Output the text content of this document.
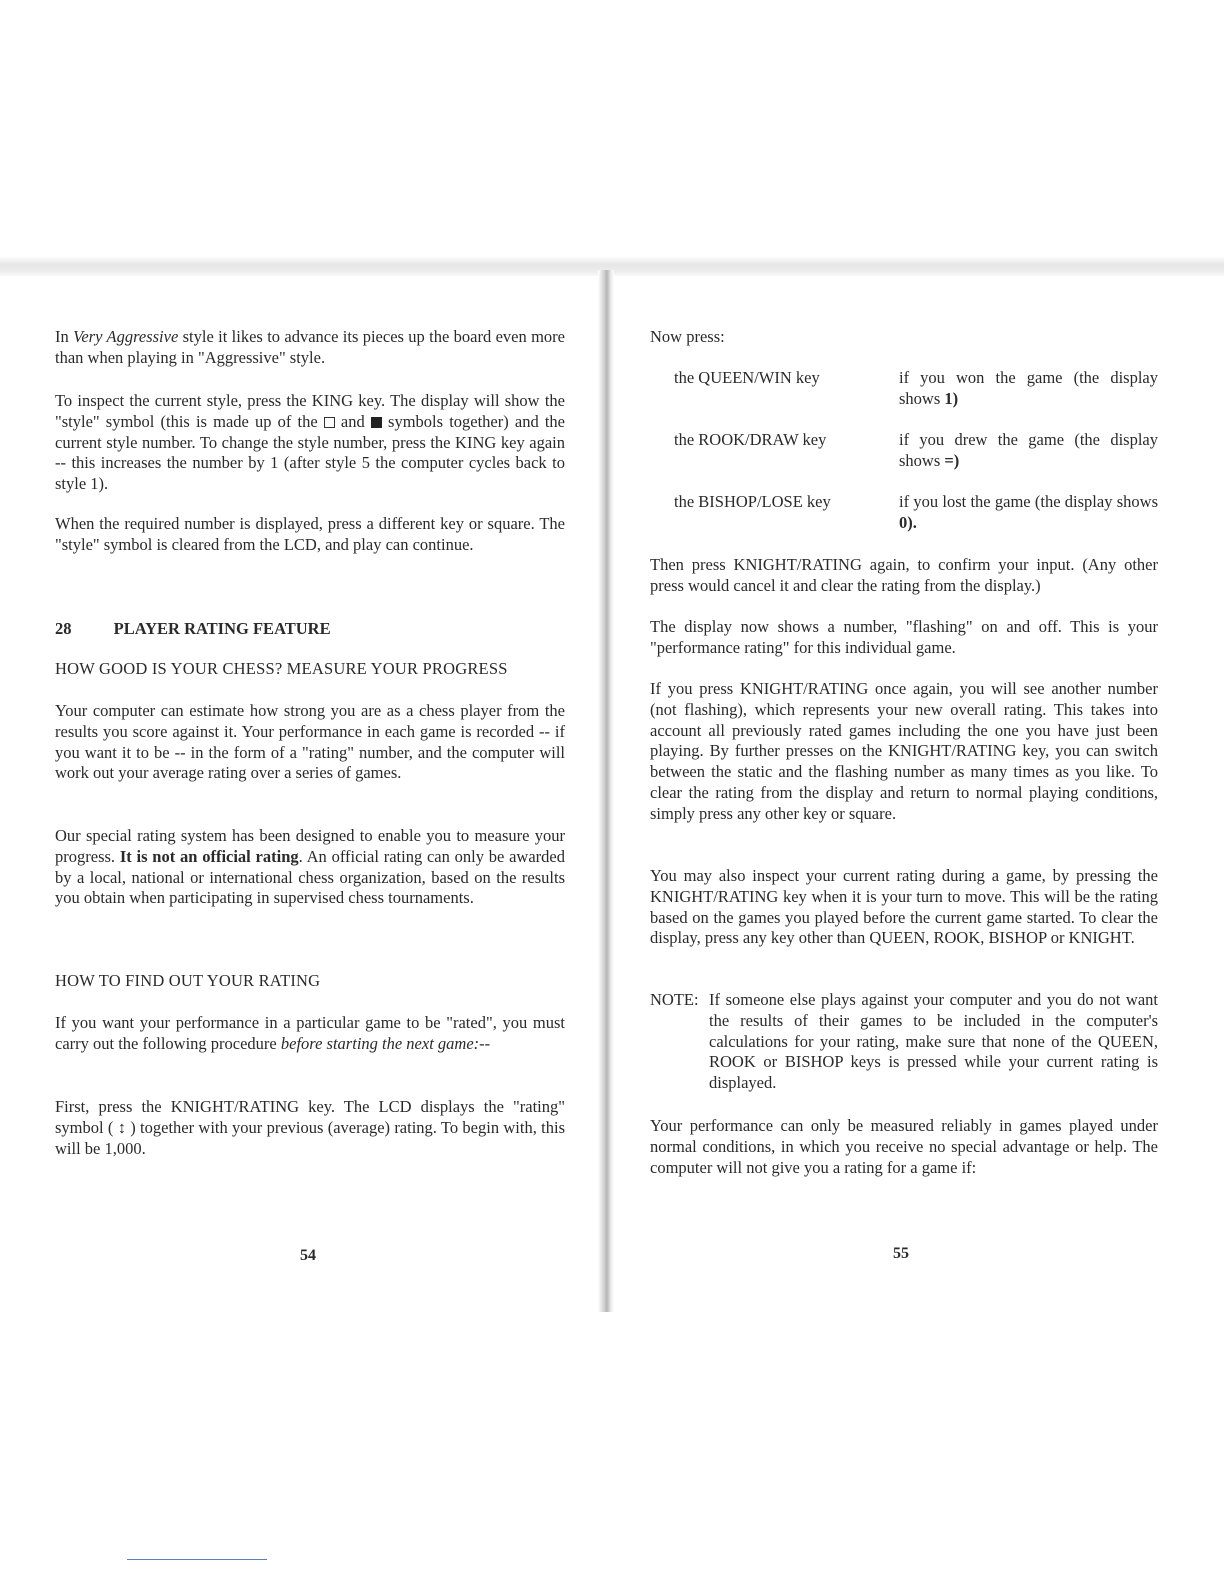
In Very Aggressive style it likes to advance its pieces up the board even more than when playing in "Aggressive" style.

To inspect the current style, press the KING key. The display will show the "style" symbol (this is made up of the  and  symbols together) and the current style number. To change the style number, press the KING key again -- this increases the number by 1 (after style 5 the computer cycles back to style 1).

When the required number is displayed, press a different key or square. The "style" symbol is cleared from the LCD, and play can continue.

28	PLAYER RATING FEATURE
HOW GOOD IS YOUR CHESS? MEASURE YOUR PROGRESS

Your computer can estimate how strong you are as a chess player from the results you score against it. Your performance in each game is recorded -- if you want it to be -- in the form of a "rating" number, and the computer will work out your average rating over a series of games.

Our special rating system has been designed to enable you to measure your progress. It is not an official rating. An official rating can only be awarded by a local, national or international chess organization, based on the results you obtain when participating in supervised chess tournaments.

HOW TO FIND OUT YOUR RATING

If you want your performance in a particular game to be "rated", you must carry out the following procedure before starting the next game:--

First, press the KNIGHT/RATING key. The LCD displays the "rating" symbol ( ↕ ) together with your previous (average) rating. To begin with, this will be 1,000.

54
Now press:
the QUEEN/WIN key	if you won the game (the display shows 1)
the ROOK/DRAW key	if you drew the game (the display shows =)
the BISHOP/LOSE key	if you lost the game (the display shows 0).

Then press KNIGHT/RATING again, to confirm your input. (Any other press would cancel it and clear the rating from the display.)

The display now shows a number, "flashing" on and off. This is your "performance rating" for this individual game.

If you press KNIGHT/RATING once again, you will see another number (not flashing), which represents your new overall rating. This takes into account all previously rated games including the one you have just been playing. By further presses on the KNIGHT/RATING key, you can switch between the static and the flashing number as many times as you like. To clear the rating from the display and return to normal playing conditions, simply press any other key or square.

You may also inspect your current rating during a game, by pressing the KNIGHT/RATING key when it is your turn to move. This will be the rating based on the games you played before the current game started. To clear the display, press any key other than QUEEN, ROOK, BISHOP or KNIGHT.

NOTE: If someone else plays against your computer and you do not want the results of their games to be included in the computer's calculations for your rating, make sure that none of the QUEEN, ROOK or BISHOP keys is pressed while your current rating is displayed.

Your performance can only be measured reliably in games played under normal conditions, in which you receive no special advantage or help. The computer will not give you a rating for a game if:

55
